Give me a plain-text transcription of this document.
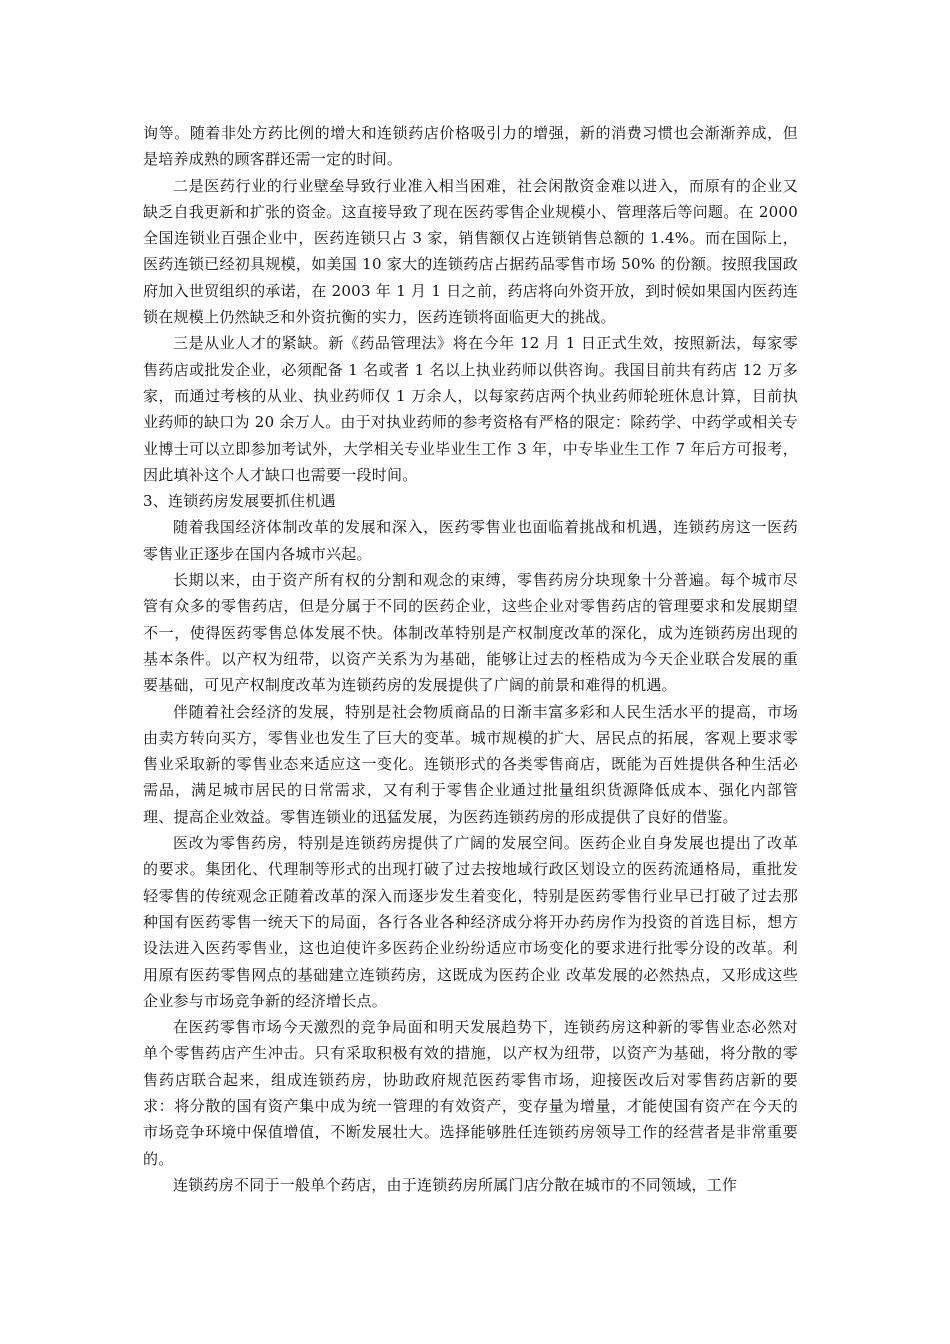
询等。随着非处方药比例的增大和连锁药店价格吸引力的增强，新的消费习惯也会渐渐养成，但是培养成熟的顾客群还需一定的时间。

二是医药行业的行业壁垒导致行业准入相当困难，社会闲散资金难以进入，而原有的企业又缺乏自我更新和扩张的资金。这直接导致了现在医药零售企业规模小、管理落后等问题。在 2000 全国连锁业百强企业中，医药连锁只占 3 家，销售额仅占连锁销售总额的 1.4%。而在国际上，医药连锁已经初具规模，如美国 10 家大的连锁药店占据药品零售市场 50% 的份额。按照我国政府加入世贸组织的承诺，在 2003 年 1 月 1 日之前，药店将向外资开放，到时候如果国内医药连锁在规模上仍然缺乏和外资抗衡的实力，医药连锁将面临更大的挑战。

三是从业人才的紧缺。新《药品管理法》将在今年 12 月 1 日正式生效，按照新法，每家零售药店或批发企业，必须配备 1 名或者 1 名以上执业药师以供咨询。我国目前共有药店 12 万多家，而通过考核的从业、执业药师仅 1 万余人，以每家药店两个执业药师轮班休息计算，目前执业药师的缺口为 20 余万人。由于对执业药师的参考资格有严格的限定：除药学、中药学或相关专业博士可以立即参加考试外，大学相关专业毕业生工作 3 年，中专毕业生工作 7 年后方可报考，因此填补这个人才缺口也需要一段时间。

3、连锁药房发展要抓住机遇

随着我国经济体制改革的发展和深入，医药零售业也面临着挑战和机遇，连锁药房这一医药零售业正逐步在国内各城市兴起。

长期以来，由于资产所有权的分割和观念的束缚，零售药房分块现象十分普遍。每个城市尽管有众多的零售药店，但是分属于不同的医药企业，这些企业对零售药店的管理要求和发展期望不一，使得医药零售总体发展不快。体制改革特别是产权制度改革的深化，成为连锁药房出现的基本条件。以产权为纽带，以资产关系为为基础，能够让过去的桎梏成为今天企业联合发展的重要基础，可见产权制度改革为连锁药房的发展提供了广阔的前景和难得的机遇。

伴随着社会经济的发展，特别是社会物质商品的日渐丰富多彩和人民生活水平的提高，市场由卖方转向买方，零售业也发生了巨大的变革。城市规模的扩大、居民点的拓展，客观上要求零售业采取新的零售业态来适应这一变化。连锁形式的各类零售商店，既能为百姓提供各种生活必需品，满足城市居民的日常需求，又有利于零售企业通过批量组织货源降低成本、强化内部管理、提高企业效益。零售连锁业的迅猛发展，为医药连锁药房的形成提供了良好的借鉴。

医改为零售药房，特别是连锁药房提供了广阔的发展空间。医药企业自身发展也提出了改革的要求。集团化、代理制等形式的出现打破了过去按地域行政区划设立的医药流通格局，重批发轻零售的传统观念正随着改革的深入而逐步发生着变化，特别是医药零售行业早已打破了过去那种国有医药零售一统天下的局面，各行各业各种经济成分将开办药房作为投资的首选目标，想方设法进入医药零售业，这也迫使许多医药企业纷纷适应市场变化的要求进行批零分设的改革。利用原有医药零售网点的基础建立连锁药房，这既成为医药企业 改革发展的必然热点，又形成这些企业参与市场竞争新的经济增长点。

在医药零售市场今天激烈的竞争局面和明天发展趋势下，连锁药房这种新的零售业态必然对单个零售药店产生冲击。只有采取积极有效的措施，以产权为纽带，以资产为基础，将分散的零售药店联合起来，组成连锁药房，协助政府规范医药零售市场，迎接医改后对零售药店新的要求：将分散的国有资产集中成为统一管理的有效资产，变存量为增量，才能使国有资产在今天的市场竞争环境中保值增值，不断发展壮大。选择能够胜任连锁药房领导工作的经营者是非常重要的。

连锁药房不同于一般单个药店，由于连锁药房所属门店分散在城市的不同领域，工作
